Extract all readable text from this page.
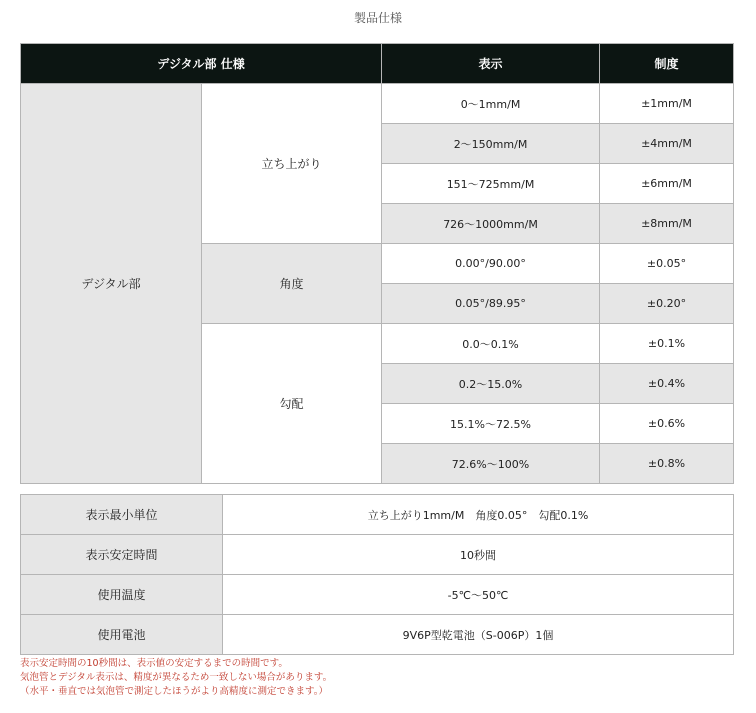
製品仕様
デジタル部 仕様		表示	制度
デジタル部	立ち上がり	0～1mm/M	±1mm/M
		2～150mm/M	±4mm/M
		151～725mm/M	±6mm/M
		726～1000mm/M	±8mm/M
	角度	0.00°/90.00°	±0.05°
		0.05°/89.95°	±0.20°
	勾配	0.0～0.1%	±0.1%
		0.2～15.0%	±0.4%
		15.1%～72.5%	±0.6%
		72.6%～100%	±0.8%
表示最小単位	立ち上がり1mm/M　角度0.05°　勾配0.1%
表示安定時間	10秒間
使用温度	-5℃～50℃
使用電池	9V6P型乾電池（S-006P）1個
表示安定時間の10秒間は、表示値の安定するまでの時間です。
気泡管とデジタル表示は、精度が異なるため一致しない場合があります。
（水平・垂直では気泡管で測定したほうがより高精度に測定できます。）
